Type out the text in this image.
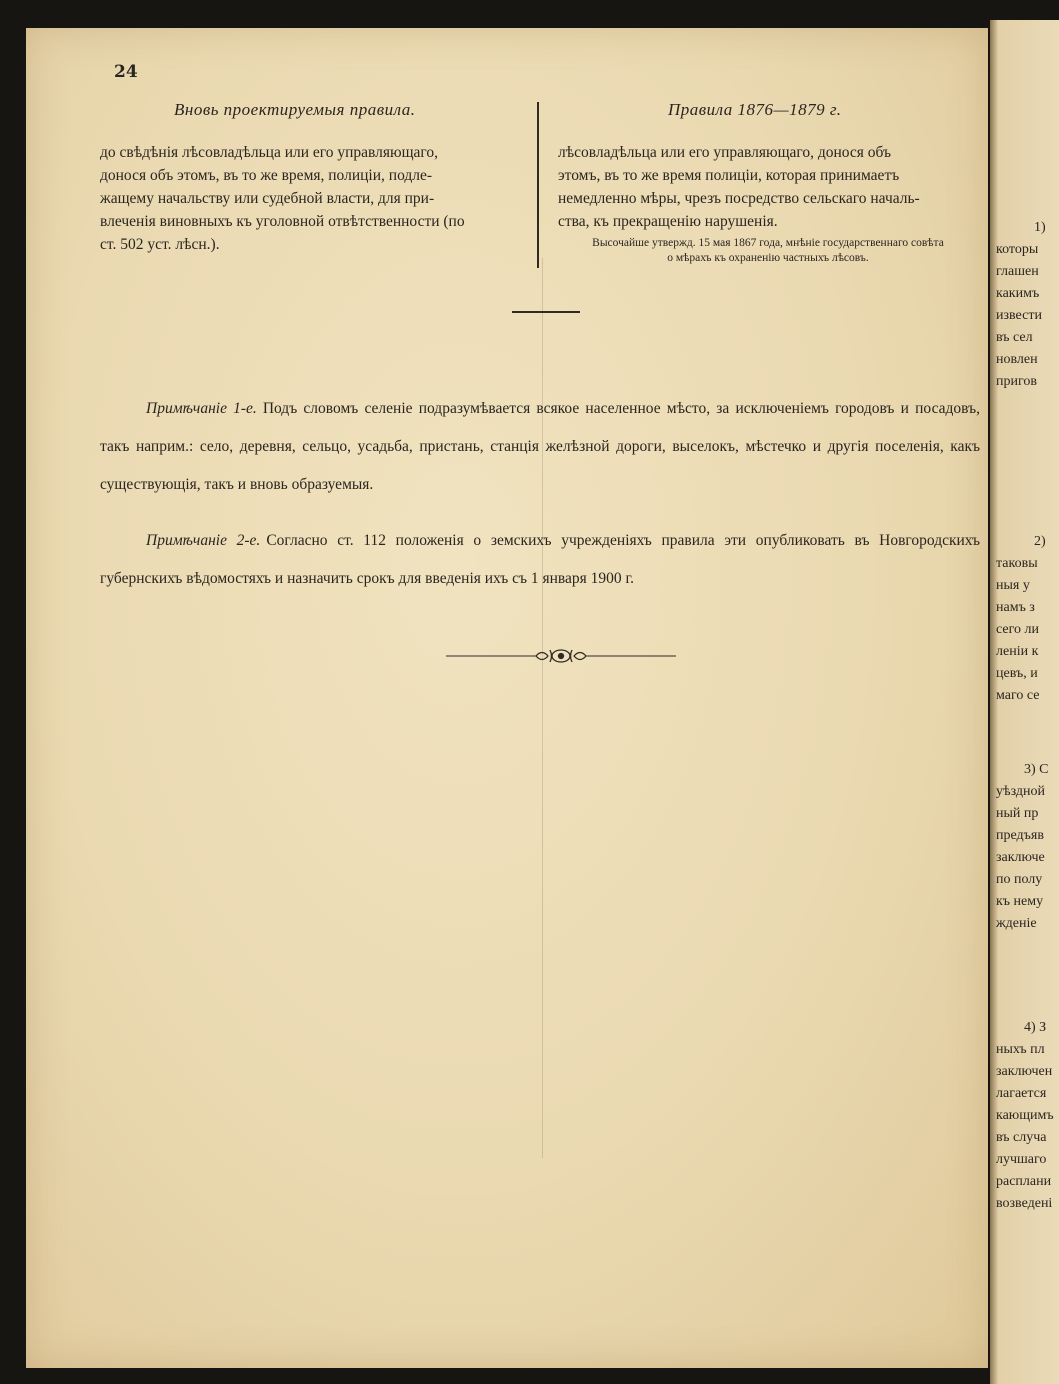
24
Вновь проектируемыя правила.	Правила 1876—1879 г.

до свѣдѣнія лѣсовладѣльца или его управляющаго,

донося объ этомъ, въ то же время, полиціи, подле-

жащему начальству или судебной власти, для при-

влеченія виновныхъ къ уголовной отвѣтственности (по

ст. 502 уст. лѣсн.).

лѣсовладѣльца или его управляющаго, донося объ

этомъ, въ то же время полиціи, которая принимаетъ

немедленно мѣры, чрезъ посредство сельскаго началь-

ства, къ прекращенію нарушенія.

Высочайше утвержд. 15 мая 1867 года, мнѣніе государственнаго совѣта
о мѣрахъ къ охраненію частныхъ лѣсовъ.
Примѣчаніе 1-е. Подъ словомъ селеніе подразумѣвается всякое населенное мѣсто, за исключеніемъ городовъ и посадовъ, такъ наприм.: село, деревня, сельцо, усадьба, пристань, станція желѣзной дороги, выселокъ, мѣстечко и другія поселенія, какъ существующія, такъ и вновь образуемыя.
Примѣчаніе 2-е. Согласно ст. 112 положенія о земскихъ учрежденіяхъ правила эти опубликовать въ Новгородскихъ губернскихъ вѣдомостяхъ и назначить срокъ для введенія ихъ съ 1 января 1900 г.
1)
которы
глашен
какимъ
извести
въ сел
новлен
пригов
2)
таковы
ныя у
намъ з
сего ли
леніи к
цевъ, и
маго се
3) С
уѣздной
ный пр
предъяв
заключе
по полу
къ нему
жденіе
4) З
ныхъ пл
заключен
лагается
кающимъ
въ случа
лучшаго
расплани
возведені
